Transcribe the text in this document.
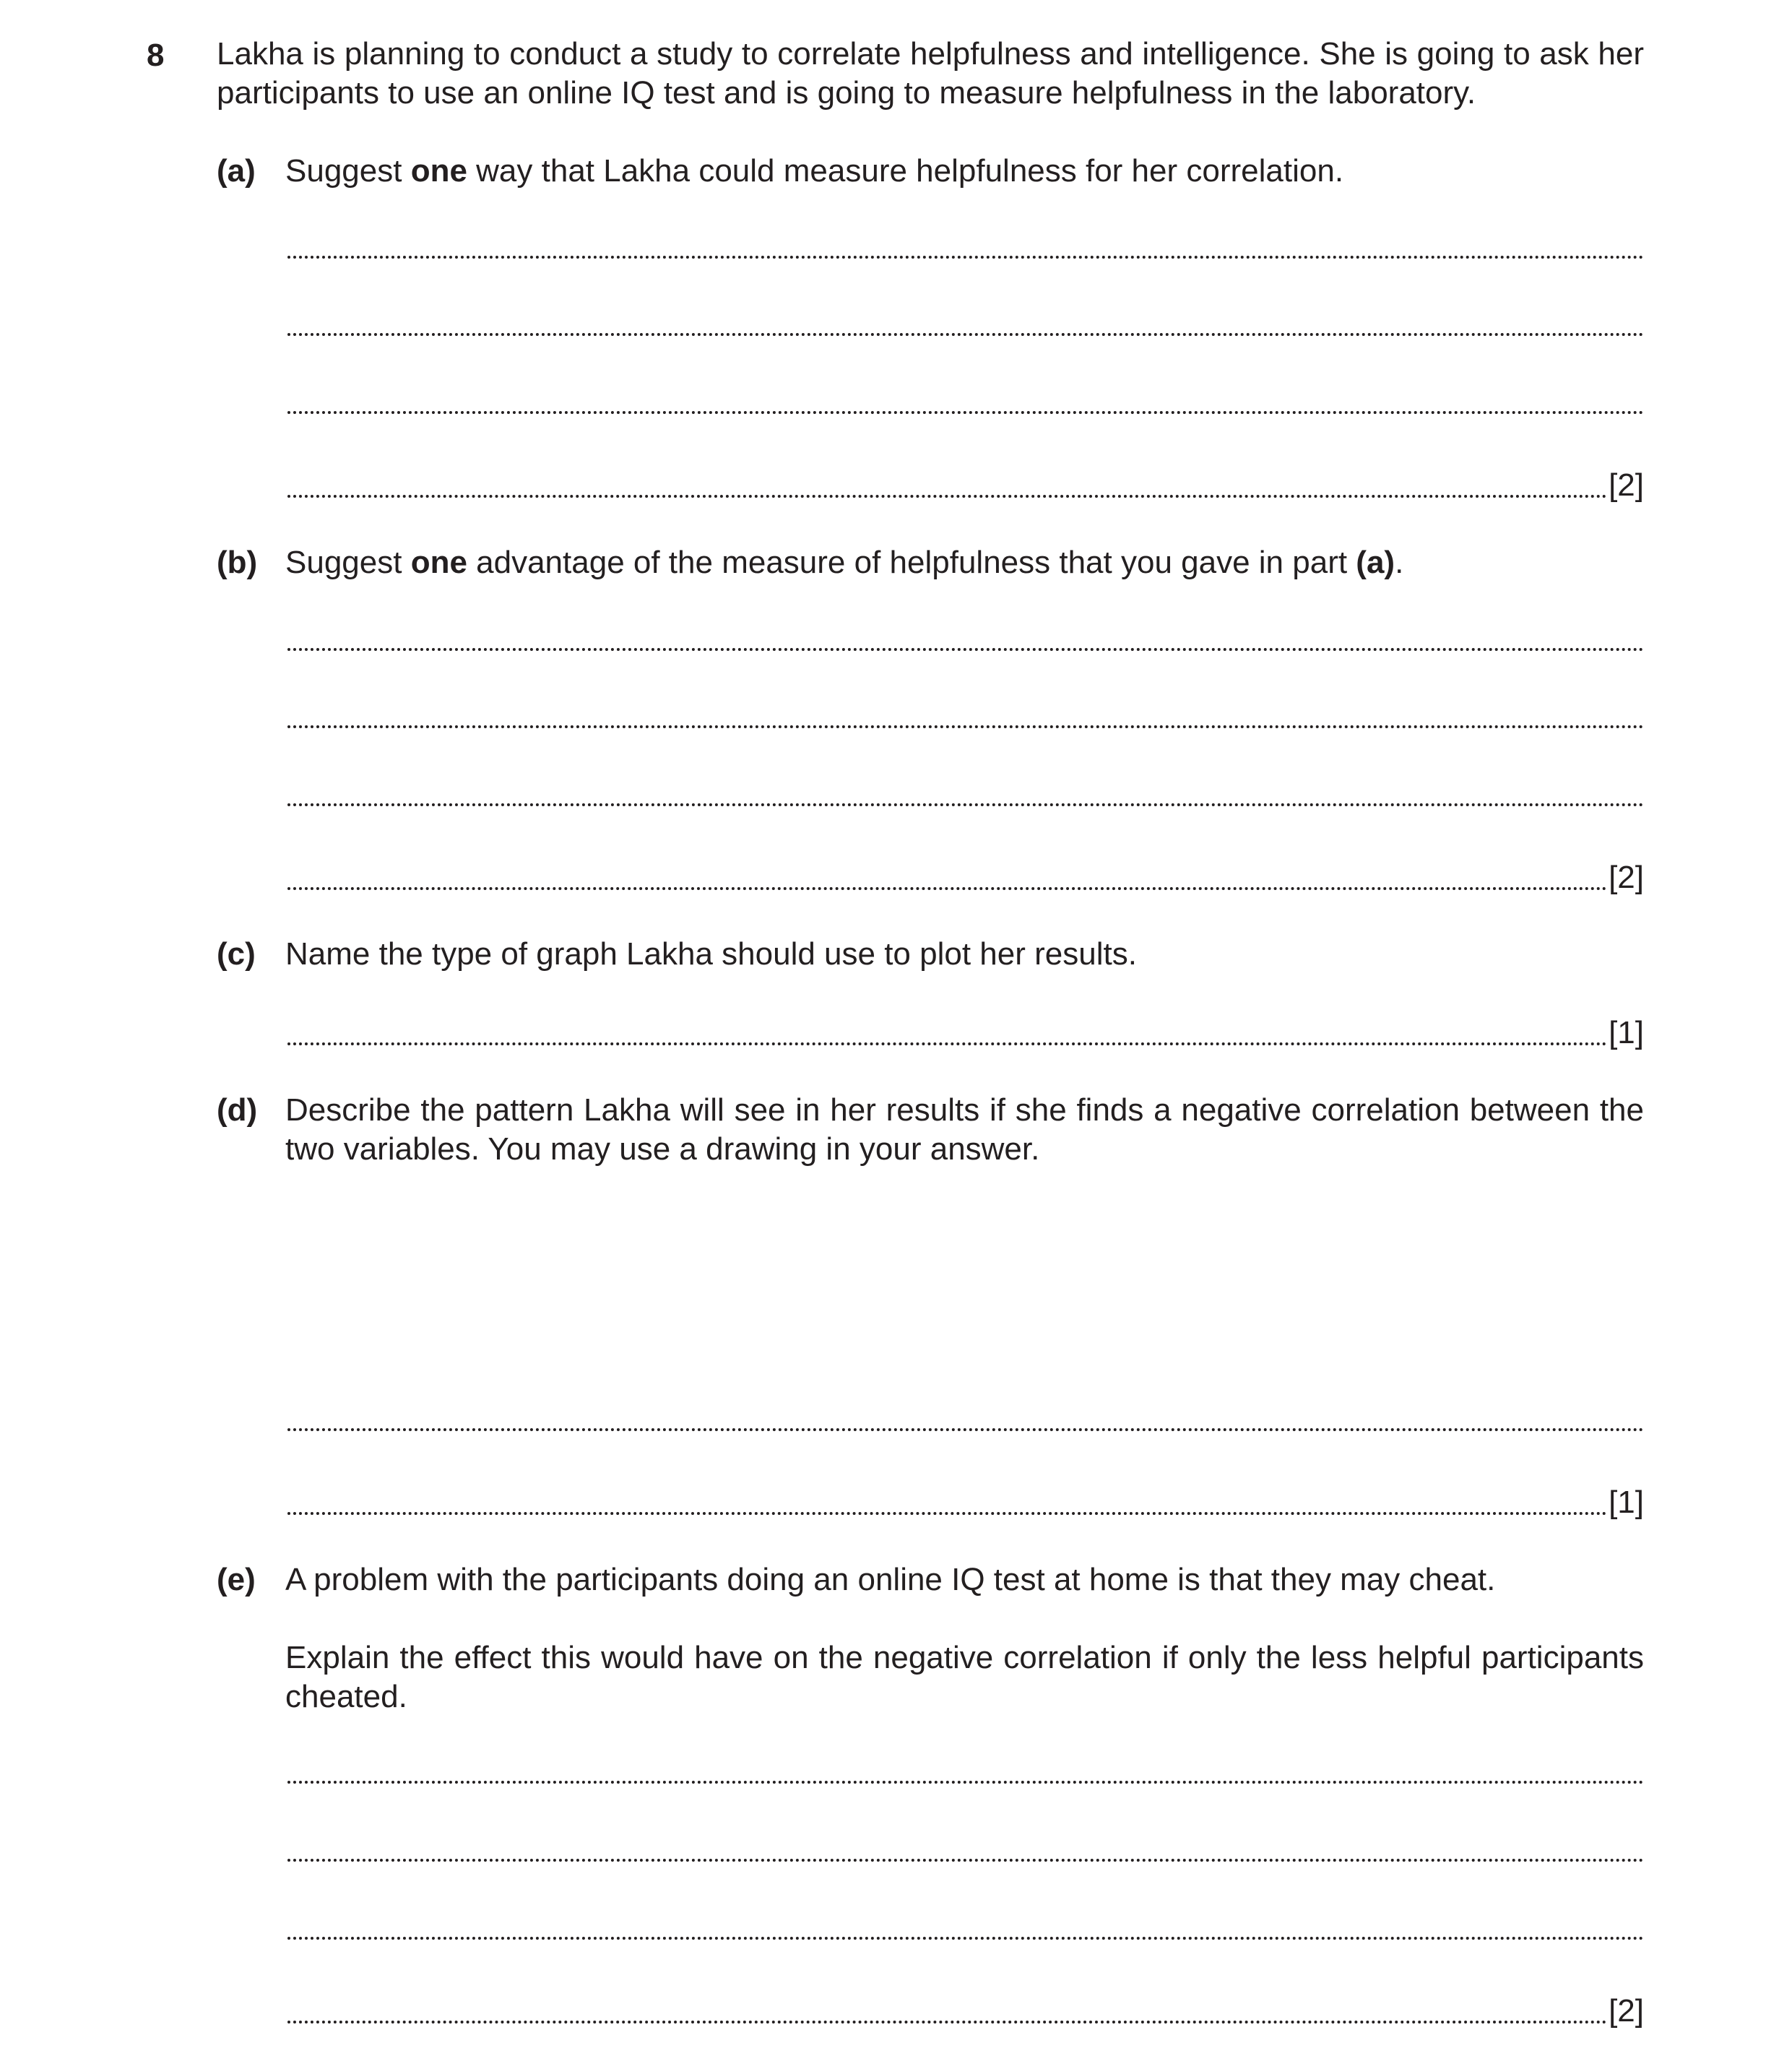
8 Lakha is planning to conduct a study to correlate helpfulness and intelligence. She is going to ask her participants to use an online IQ test and is going to measure helpfulness in the laboratory.

(a) Suggest one way that Lakha could measure helpfulness for her correlation.

[2]
(b) Suggest one advantage of the measure of helpfulness that you gave in part (a).

[2]
(c) Name the type of graph Lakha should use to plot her results.

[1]
(d) Describe the pattern Lakha will see in her results if she finds a negative correlation between the two variables. You may use a drawing in your answer.

[1]
(e) A problem with the participants doing an online IQ test at home is that they may cheat.

Explain the effect this would have on the negative correlation if only the less helpful participants cheated.

[2]
